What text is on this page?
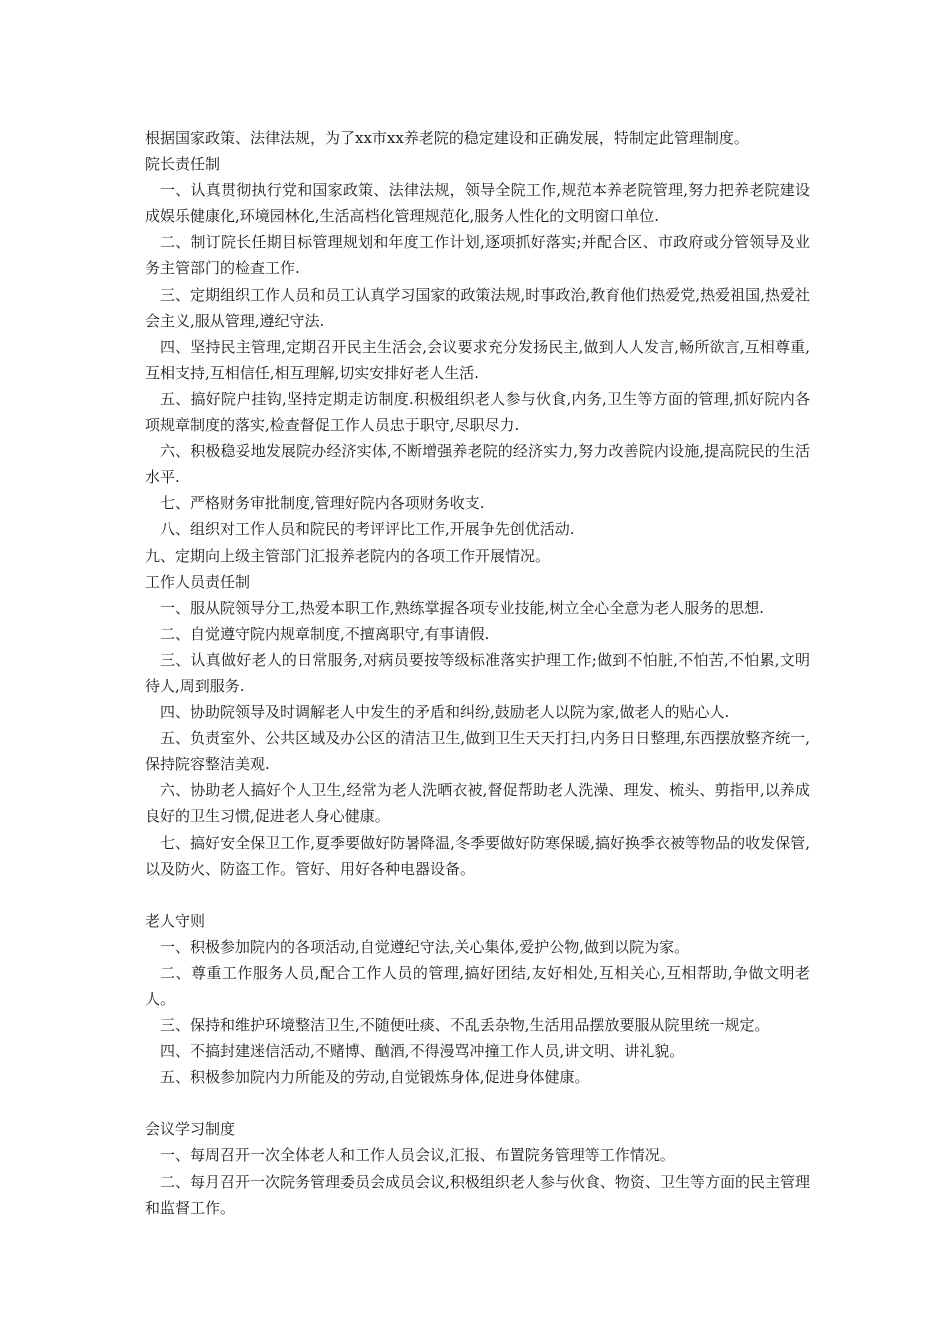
根据国家政策、法律法规，为了xx市xx养老院的稳定建设和正确发展，特制定此管理制度。

院长责任制

一、认真贯彻执行党和国家政策、法律法规，领导全院工作,规范本养老院管理,努力把养老院建设成娱乐健康化,环境园林化,生活高档化管理规范化,服务人性化的文明窗口单位.

二、制订院长任期目标管理规划和年度工作计划,逐项抓好落实;并配合区、市政府或分管领导及业务主管部门的检查工作.

三、定期组织工作人员和员工认真学习国家的政策法规,时事政治,教育他们热爱党,热爱祖国,热爱社会主义,服从管理,遵纪守法.

四、坚持民主管理,定期召开民主生活会,会议要求充分发扬民主,做到人人发言,畅所欲言,互相尊重,互相支持,互相信任,相互理解,切实安排好老人生活.

五、搞好院户挂钩,坚持定期走访制度.积极组织老人参与伙食,内务,卫生等方面的管理,抓好院内各项规章制度的落实,检查督促工作人员忠于职守,尽职尽力.

六、积极稳妥地发展院办经济实体,不断增强养老院的经济实力,努力改善院内设施,提高院民的生活水平.

七、严格财务审批制度,管理好院内各项财务收支.

八、组织对工作人员和院民的考评评比工作,开展争先创优活动.

九、定期向上级主管部门汇报养老院内的各项工作开展情况。

工作人员责任制

一、服从院领导分工,热爱本职工作,熟练掌握各项专业技能,树立全心全意为老人服务的思想.

二、自觉遵守院内规章制度,不擅离职守,有事请假.

三、认真做好老人的日常服务,对病员要按等级标准落实护理工作;做到不怕脏,不怕苦,不怕累,文明待人,周到服务.

四、协助院领导及时调解老人中发生的矛盾和纠纷,鼓励老人以院为家,做老人的贴心人.

五、负责室外、公共区域及办公区的清洁卫生,做到卫生天天打扫,内务日日整理,东西摆放整齐统一,保持院容整洁美观.

六、协助老人搞好个人卫生,经常为老人洗晒衣被,督促帮助老人洗澡、理发、梳头、剪指甲,以养成良好的卫生习惯,促进老人身心健康。

七、搞好安全保卫工作,夏季要做好防暑降温,冬季要做好防寒保暖,搞好换季衣被等物品的收发保管,以及防火、防盗工作。管好、用好各种电器设备。

老人守则

一、积极参加院内的各项活动,自觉遵纪守法,关心集体,爱护公物,做到以院为家。

二、尊重工作服务人员,配合工作人员的管理,搞好团结,友好相处,互相关心,互相帮助,争做文明老人。

三、保持和维护环境整洁卫生,不随便吐痰、不乱丢杂物,生活用品摆放要服从院里统一规定。

四、不搞封建迷信活动,不赌博、酗酒,不得漫骂冲撞工作人员,讲文明、讲礼貌。

五、积极参加院内力所能及的劳动,自觉锻炼身体,促进身体健康。

会议学习制度

一、每周召开一次全体老人和工作人员会议,汇报、布置院务管理等工作情况。

二、每月召开一次院务管理委员会成员会议,积极组织老人参与伙食、物资、卫生等方面的民主管理和监督工作。
